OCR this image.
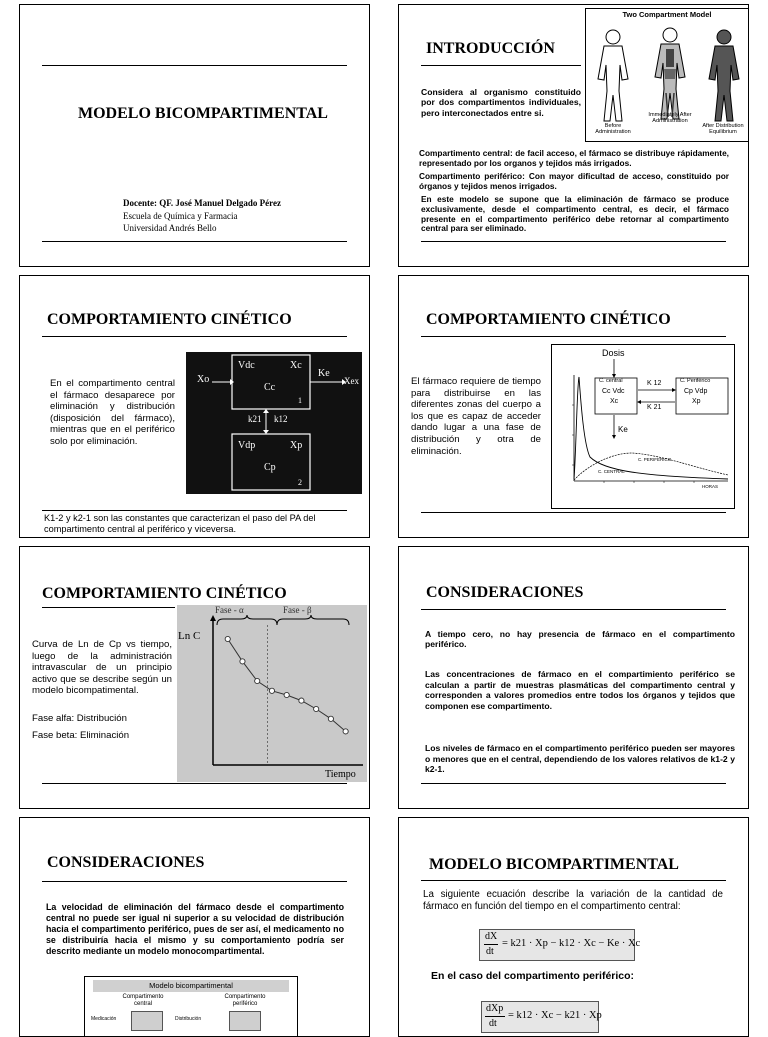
MODELO BICOMPARTIMENTAL
Docente: QF. José Manuel Delgado Pérez
Escuela de Química y Farmacia
Universidad Andrés Bello
INTRODUCCIÓN
Considera al organismo constituido por dos compartimentos individuales, pero interconectados entre si.
Two Compartment Model
Before Administration
Immediately After Administration
After Distribution Equilibrium
Compartimento central: de facil acceso, el fármaco se distribuye rápidamente, representado por los organos y tejidos más irrigados.
Compartimento periférico: Con mayor dificultad de acceso, constituido por órganos y tejidos menos irrigados.
En este modelo se supone que la eliminación de fármaco se produce exclusivamente, desde el compartimento central, es decir, el fármaco presente en el compartimento periférico debe retornar al compartimento central para ser eliminado.
COMPORTAMIENTO CINÉTICO
En el compartimento central el fármaco desaparece por eliminación y distribución (disposición del fármaco), mientras que en el periférico solo por eliminación.
Xo
Vdc	Xc
Cc
1
Ke
Xex
k21 k12
Vdp	Xp
Cp
2
K1-2 y k2-1 son las constantes que caracterizan el paso del PA del compartimento central al periférico y viceversa.
COMPORTAMIENTO CINÉTICO
El fármaco requiere de tiempo para distribuirse en las diferentes zonas del cuerpo a los que es capaz de acceder dando lugar a una fase de distribución y otra de eliminación.
Dosis
C. central
Cc Vdc
Xc
C. Periférico
Cp Vdp
Xp
K 12
K 21
Ke
C. CENTRAL
C. PERIFERICO
HORAS
COMPORTAMIENTO CINÉTICO
Curva de Ln de Cp vs tiempo, luego de la administración intravascular de un principio activo que se describe según un modelo bicompatimental.
Fase alfa: Distribución
Fase beta: Eliminación
Fase - α	Fase - β
Ln C
Tiempo
CONSIDERACIONES
A tiempo cero, no hay presencia de fármaco en el compartimento periférico.
Las concentraciones de fármaco en el compartimiento periférico se calculan a partir de muestras plasmáticas del compartimento central y corresponden a valores promedios entre todos los órganos y tejidos que componen ese compartimento.
Los niveles de fármaco en el compartimento periférico pueden ser mayores o menores que en el central, dependiendo de los valores relativos de k1-2 y k2-1.
CONSIDERACIONES
La velocidad de eliminación del fármaco desde el compartimento central no puede ser igual ni superior a su velocidad de distribución hacia el compartimento periférico, pues de ser así, el medicamento no se distribuiría hacia el mismo y su comportamiento podría ser descrito mediante un modelo monocompartimental.
Modelo bicompartimental
Compartimento central
Compartimento periférico
Medicación	Distribución
MODELO BICOMPARTIMENTAL
La siguiente ecuación describe la variación de la cantidad de fármaco en función del tiempo en el compartimento central:
dX
dt
= k21 · Xp − k12 · Xc − Ke · Xc
En el caso del compartimento periférico:
dXp
dt
= k12 · Xc − k21 · Xp
